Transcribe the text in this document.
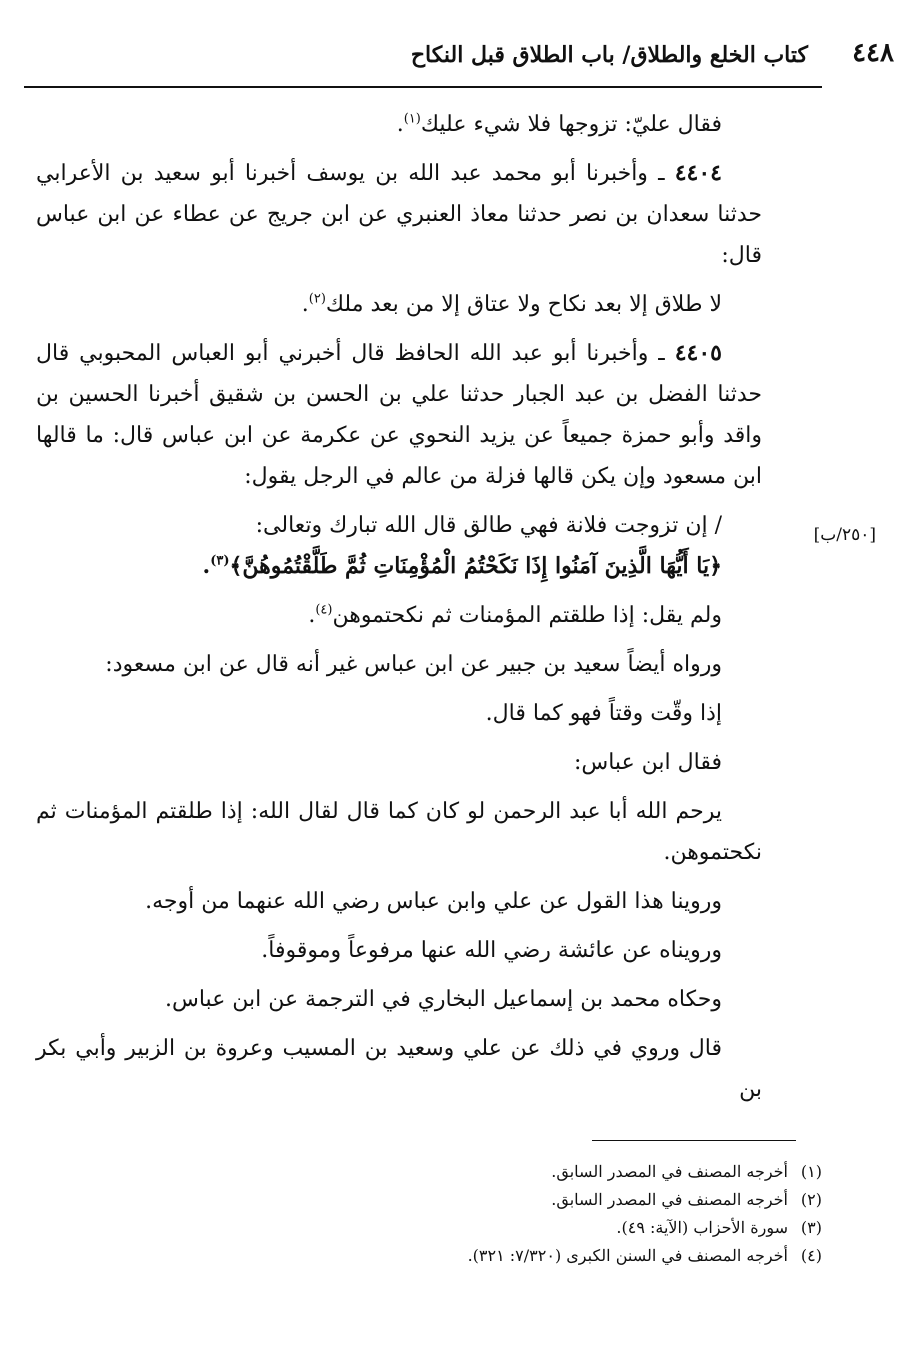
٤٤٨
كتاب الخلع والطلاق/ باب الطلاق قبل النكاح
[٢٥٠/ب]

فقال عليّ: تزوجها فلا شيء عليك$^{(١)}$.

٤٤٠٤ ـ وأخبرنا أبو محمد عبد الله بن يوسف أخبرنا أبو سعيد بن الأعرابي حدثنا سعدان بن نصر حدثنا معاذ العنبري عن ابن جريج عن عطاء عن ابن عباس قال:

لا طلاق إلا بعد نكاح ولا عتاق إلا من بعد ملك$^{(٢)}$.

٤٤٠٥ ـ وأخبرنا أبو عبد الله الحافظ قال أخبرني أبو العباس المحبوبي قال حدثنا الفضل بن عبد الجبار حدثنا علي بن الحسن بن شقيق أخبرنا الحسين بن واقد وأبو حمزة جميعاً عن يزيد النحوي عن عكرمة عن ابن عباس قال: ما قالها ابن مسعود وإن يكن قالها فزلة من عالم في الرجل يقول:

/ إن تزوجت فلانة فهي طالق قال الله تبارك وتعالى:

﴿يَا أَيُّهَا الَّذِينَ آمَنُوا إِذَا نَكَحْتُمُ الْمُؤْمِنَاتِ ثُمَّ طَلَّقْتُمُوهُنَّ﴾$^{(٣)}$.

ولم يقل: إذا طلقتم المؤمنات ثم نكحتموهن$^{(٤)}$.

ورواه أيضاً سعيد بن جبير عن ابن عباس غير أنه قال عن ابن مسعود:

إذا وقّت وقتاً فهو كما قال.

فقال ابن عباس:

يرحم الله أبا عبد الرحمن لو كان كما قال لقال الله: إذا طلقتم المؤمنات ثم نكحتموهن.

وروينا هذا القول عن علي وابن عباس رضي الله عنهما من أوجه.

ورويناه عن عائشة رضي الله عنها مرفوعاً وموقوفاً.

وحكاه محمد بن إسماعيل البخاري في الترجمة عن ابن عباس.

قال وروي في ذلك عن علي وسعيد بن المسيب وعروة بن الزبير وأبي بكر بن

(١)أخرجه المصنف في المصدر السابق.
(٢)أخرجه المصنف في المصدر السابق.
(٣)سورة الأحزاب (الآية: ٤٩).
(٤)أخرجه المصنف في السنن الكبرى (٧/٣٢٠: ٣٢١).
